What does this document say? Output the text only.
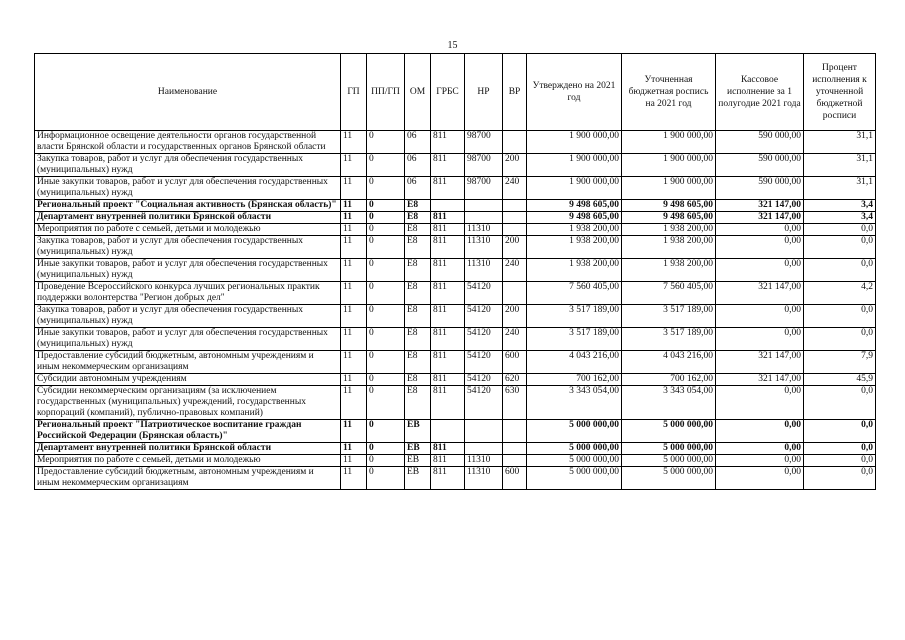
15
Наименование	ГП	ПП/ГП	ОМ	ГРБС	НР	ВР	Утверждено на 2021 год	Уточненная бюджетная роспись на 2021 год	Кассовое исполнение за 1 полугодие 2021 года	Процент исполнения к уточненной бюджетной росписи
Информационное освещение деятельности органов государственной власти Брянской области и государственных органов Брянской области	11	0	06	811	98700		1 900 000,00	1 900 000,00	590 000,00	31,1
Закупка товаров, работ и услуг для обеспечения государственных (муниципальных) нужд	11	0	06	811	98700	200	1 900 000,00	1 900 000,00	590 000,00	31,1
Иные закупки товаров, работ и услуг для обеспечения государственных (муниципальных) нужд	11	0	06	811	98700	240	1 900 000,00	1 900 000,00	590 000,00	31,1
Региональный проект "Социальная активность (Брянская область)"	11	0	Е8				9 498 605,00	9 498 605,00	321 147,00	3,4
Департамент внутренней политики Брянской области	11	0	Е8	811			9 498 605,00	9 498 605,00	321 147,00	3,4
Мероприятия по работе с семьей, детьми и молодежью	11	0	Е8	811	11310		1 938 200,00	1 938 200,00	0,00	0,0
Закупка товаров, работ и услуг для обеспечения государственных (муниципальных) нужд	11	0	Е8	811	11310	200	1 938 200,00	1 938 200,00	0,00	0,0
Иные закупки товаров, работ и услуг для обеспечения государственных (муниципальных) нужд	11	0	Е8	811	11310	240	1 938 200,00	1 938 200,00	0,00	0,0
Проведение Всероссийского конкурса лучших региональных практик поддержки волонтерства "Регион добрых дел"	11	0	Е8	811	54120		7 560 405,00	7 560 405,00	321 147,00	4,2
Закупка товаров, работ и услуг для обеспечения государственных (муниципальных) нужд	11	0	Е8	811	54120	200	3 517 189,00	3 517 189,00	0,00	0,0
Иные закупки товаров, работ и услуг для обеспечения государственных (муниципальных) нужд	11	0	Е8	811	54120	240	3 517 189,00	3 517 189,00	0,00	0,0
Предоставление субсидий бюджетным, автономным учреждениям и иным некоммерческим организациям	11	0	Е8	811	54120	600	4 043 216,00	4 043 216,00	321 147,00	7,9
Субсидии автономным учреждениям	11	0	Е8	811	54120	620	700 162,00	700 162,00	321 147,00	45,9
Субсидии некоммерческим организациям (за исключением государственных (муниципальных) учреждений, государственных корпораций (компаний), публично-правовых компаний)	11	0	Е8	811	54120	630	3 343 054,00	3 343 054,00	0,00	0,0
Региональный проект "Патриотическое воспитание граждан Российской Федерации (Брянская область)"	11	0	ЕВ				5 000 000,00	5 000 000,00	0,00	0,0
Департамент внутренней политики Брянской области	11	0	ЕВ	811			5 000 000,00	5 000 000,00	0,00	0,0
Мероприятия по работе с семьей, детьми и молодежью	11	0	ЕВ	811	11310		5 000 000,00	5 000 000,00	0,00	0,0
Предоставление субсидий бюджетным, автономным учреждениям и иным некоммерческим организациям	11	0	ЕВ	811	11310	600	5 000 000,00	5 000 000,00	0,00	0,0
